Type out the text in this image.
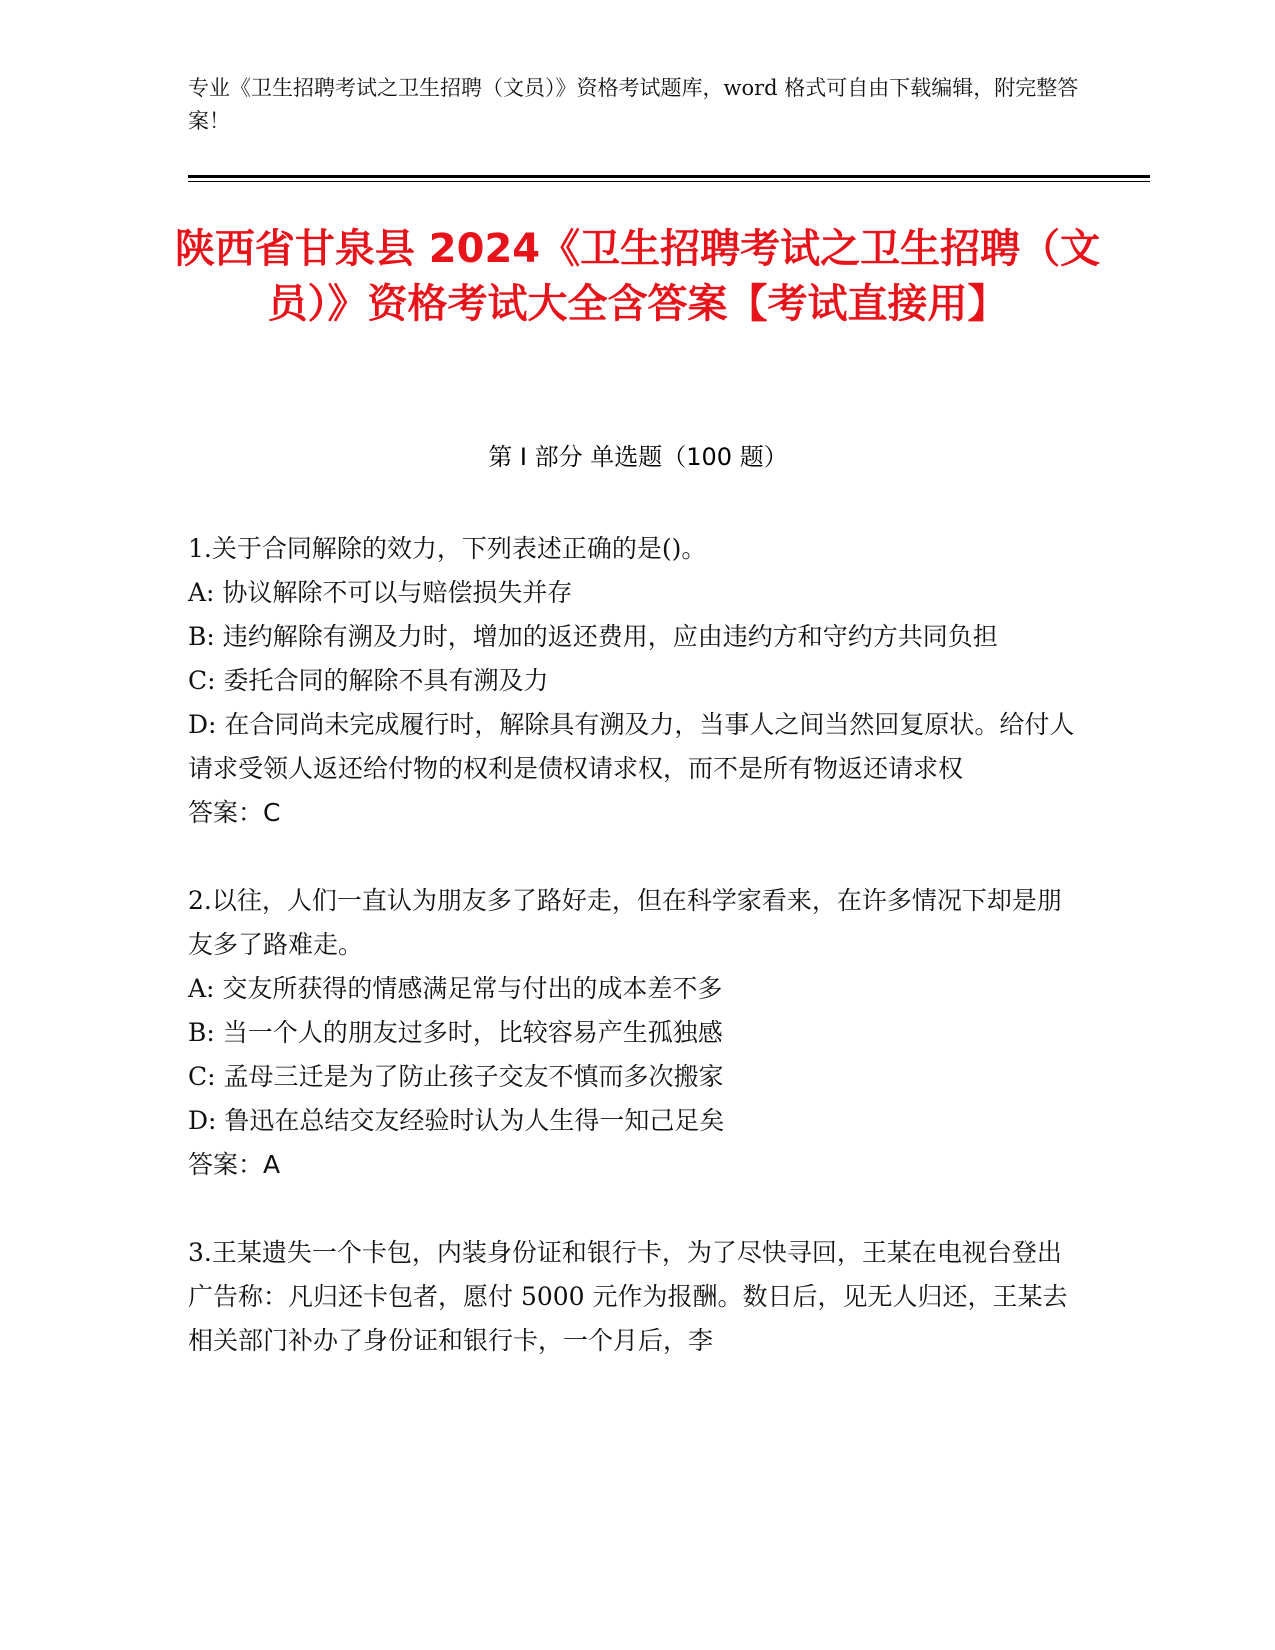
专业《卫生招聘考试之卫生招聘（文员）》资格考试题库，word 格式可自由下载编辑，附完整答案！
陕西省甘泉县 2024《卫生招聘考试之卫生招聘（文员）》资格考试大全含答案【考试直接用】
第 I 部分 单选题（100 题）

1.关于合同解除的效力，下列表述正确的是()。

A: 协议解除不可以与赔偿损失并存

B: 违约解除有溯及力时，增加的返还费用，应由违约方和守约方共同负担

C: 委托合同的解除不具有溯及力

D: 在合同尚未完成履行时，解除具有溯及力，当事人之间当然回复原状。给付人请求受领人返还给付物的权利是债权请求权，而不是所有物返还请求权

答案：C

2.以往，人们一直认为朋友多了路好走，但在科学家看来，在许多情况下却是朋友多了路难走。

A: 交友所获得的情感满足常与付出的成本差不多

B: 当一个人的朋友过多时，比较容易产生孤独感

C: 孟母三迁是为了防止孩子交友不慎而多次搬家

D: 鲁迅在总结交友经验时认为人生得一知己足矣

答案：A

3.王某遗失一个卡包，内装身份证和银行卡，为了尽快寻回，王某在电视台登出广告称：凡归还卡包者，愿付 5000 元作为报酬。数日后，见无人归还，王某去相关部门补办了身份证和银行卡，一个月后，李
